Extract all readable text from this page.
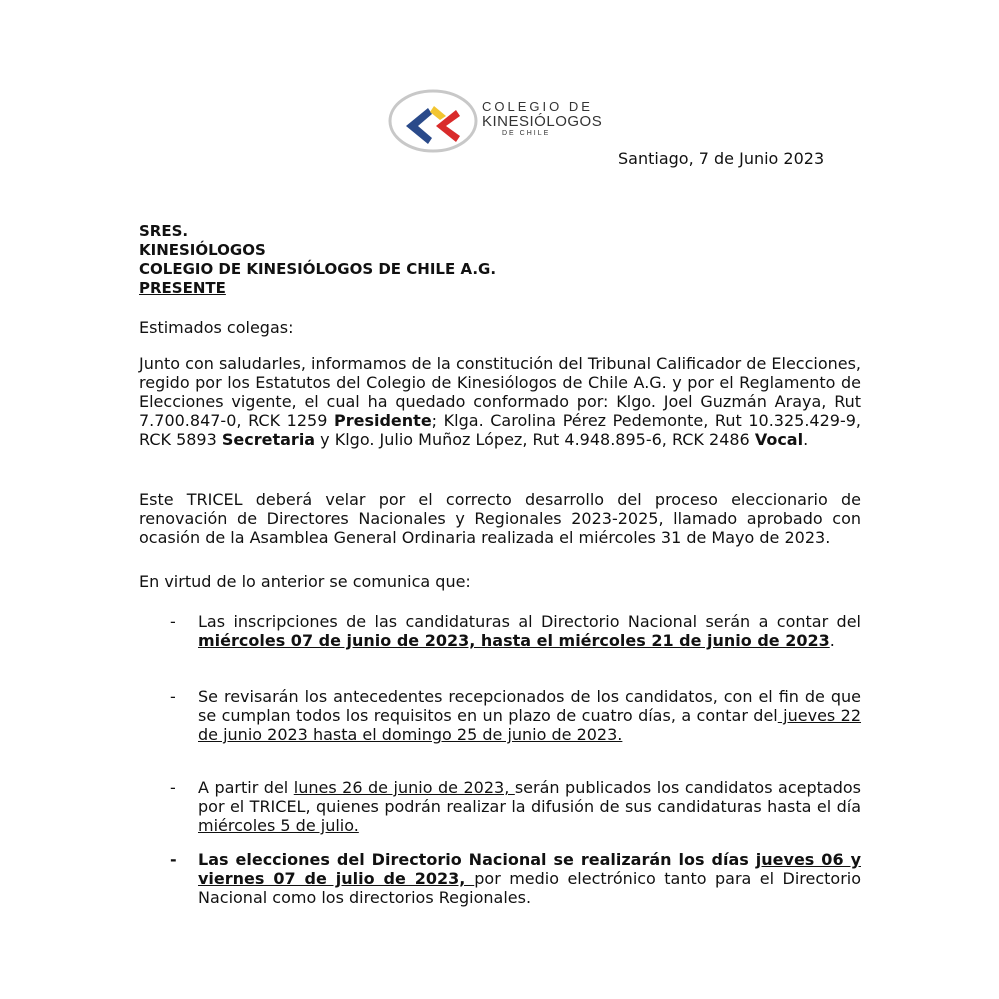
COLEGIO DE
KINESIÓLOGOS
DE CHILE
Santiago, 7 de Junio 2023
SRES.
KINESIÓLOGOS
COLEGIO DE KINESIÓLOGOS DE CHILE A.G.
PRESENTE
Estimados colegas:
Junto con saludarles, informamos de la constitución del Tribunal Calificador de Elecciones, regido por los Estatutos del Colegio de Kinesiólogos de Chile A.G. y por el Reglamento de Elecciones vigente, el cual ha quedado conformado por: Klgo. Joel Guzmán Araya, Rut 7.700.847-0, RCK 1259 Presidente; Klga. Carolina Pérez Pedemonte, Rut 10.325.429-9, RCK 5893 Secretaria y Klgo. Julio Muñoz López, Rut 4.948.895-6, RCK 2486 Vocal.
Este TRICEL deberá velar por el correcto desarrollo del proceso eleccionario de renovación de Directores Nacionales y Regionales 2023-2025, llamado aprobado con ocasión de la Asamblea General Ordinaria realizada el miércoles 31 de Mayo de 2023.
En virtud de lo anterior se comunica que:
- Las inscripciones de las candidaturas al Directorio Nacional serán a contar del miércoles 07 de junio de 2023, hasta el miércoles 21 de junio de 2023.
- Se revisarán los antecedentes recepcionados de los candidatos, con el fin de que se cumplan todos los requisitos en un plazo de cuatro días, a contar del jueves 22 de junio 2023 hasta el domingo 25 de junio de 2023.
- A partir del lunes 26 de junio de 2023, serán publicados los candidatos aceptados por el TRICEL, quienes podrán realizar la difusión de sus candidaturas hasta el día miércoles 5 de julio.
- Las elecciones del Directorio Nacional se realizarán los días jueves 06 y viernes 07 de julio de 2023, por medio electrónico tanto para el Directorio Nacional como los directorios Regionales.
